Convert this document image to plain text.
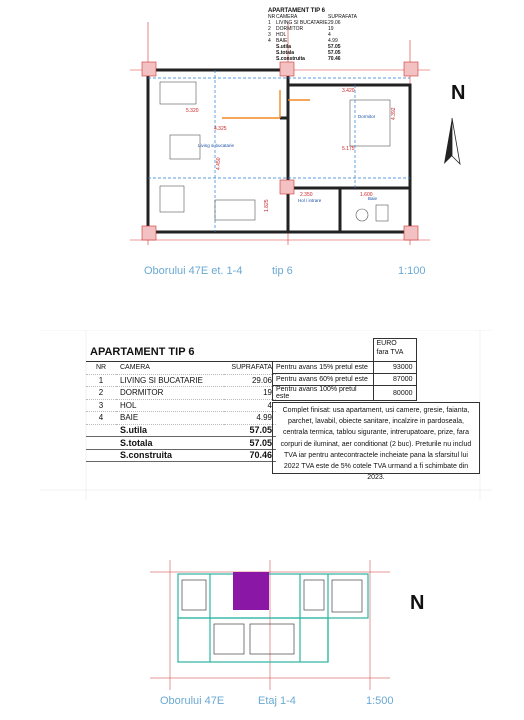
5.320
4.325
3.420
5.175
2.350	1.600
4.392
1.825
4.450
Living si bucatarie
Dormitor
Hol / intrare	Baie
APARTAMENT TIP 6
NR CAMERA	SUPRAFATA
1	LIVING SI BUCATARIE 29.06
2	DORMITOR	19
3	HOL	4
4	BAIE	4.99
S.utila	57.05
S.totala	57.05
S.construita	70.46
N
Oborului 47E et. 1-4	tip 6	1:100
APARTAMENT TIP 6		
NR	CAMERA	SUPRAFATA
1	LIVING SI BUCATARIE	29.06
2	DORMITOR	19
3	HOL	4
4	BAIE	4.99
	S.utila	57.05
	S.totala	57.05
	S.construita	70.46
	EURO
fara TVA
Pentru avans 15% pretul este	93000
Pentru avans 60% pretul este	87000
Pentru avans 100% pretul este	80000
Complet finisat: usa apartament, usi camere, gresie, faianta, parchet, lavabil, obiecte sanitare, incalzire in pardoseala, centrala termica, tablou sigurante, intrerupatoare, prize, fara corpuri de iluminat, aer conditionat (2 buc). Preturile nu includ TVA iar pentru antecontractele incheiate pana la sfarsitul lui 2022 TVA este de 5% cotele TVA urmand a fi schimbate din 2023.
N
Oborului 47E	Etaj 1-4	1:500
